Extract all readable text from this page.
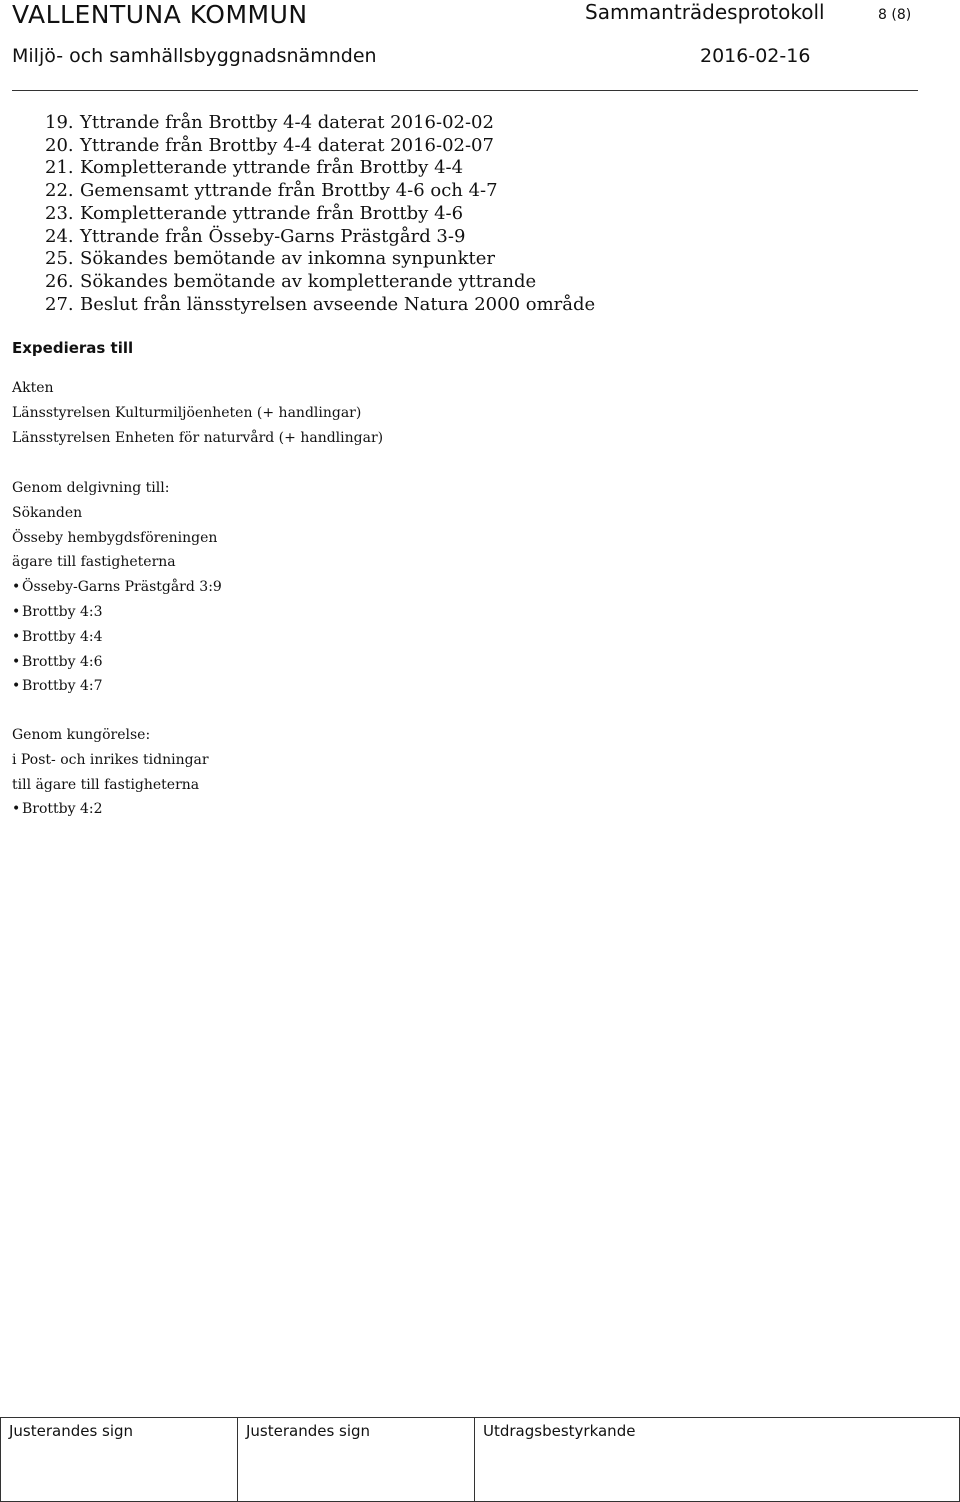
VALLENTUNA KOMMUN	Sammanträdesprotokoll	8 (8)
Miljö- och samhällsbyggnadsnämnden	2016-02-16
19. Yttrande från Brottby 4-4 daterat 2016-02-02
20. Yttrande från Brottby 4-4 daterat 2016-02-07
21. Kompletterande yttrande från Brottby 4-4
22. Gemensamt yttrande från Brottby 4-6 och 4-7
23. Kompletterande yttrande från Brottby 4-6
24. Yttrande från Össeby-Garns Prästgård 3-9
25. Sökandes bemötande av inkomna synpunkter
26. Sökandes bemötande av kompletterande yttrande
27. Beslut från länsstyrelsen avseende Natura 2000 område
Expedieras till
Akten
Länsstyrelsen Kulturmiljöenheten (+ handlingar)
Länsstyrelsen Enheten för naturvård (+ handlingar)
Genom delgivning till:
Sökanden
Össeby hembygdsföreningen
ägare till fastigheterna
• Össeby-Garns Prästgård 3:9
• Brottby 4:3
• Brottby 4:4
• Brottby 4:6
• Brottby 4:7
Genom kungörelse:
i Post- och inrikes tidningar
till ägare till fastigheterna
• Brottby 4:2
Justerandes sign	Justerandes sign	Utdragsbestyrkande
